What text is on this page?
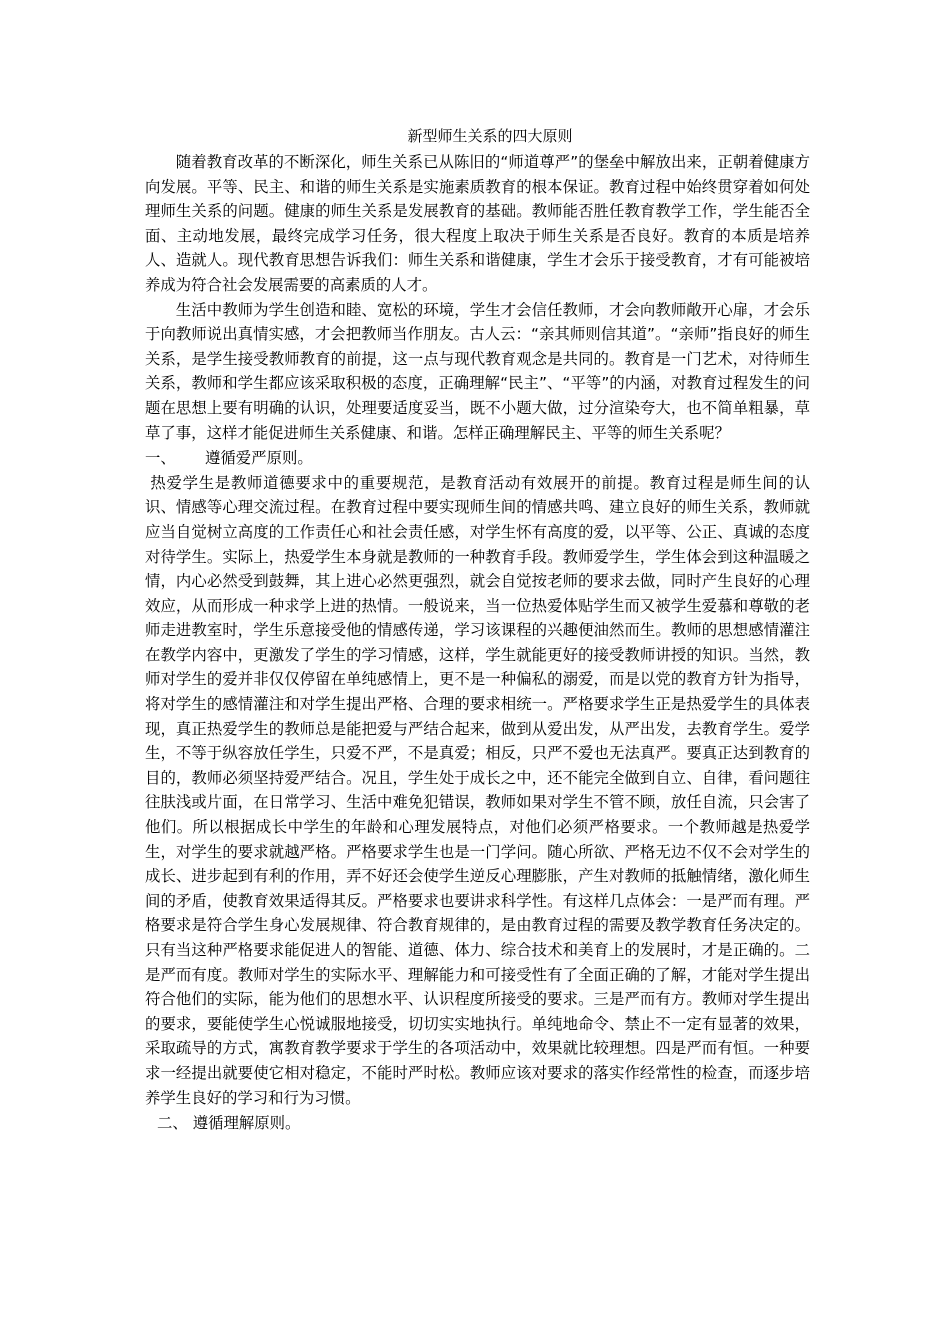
新型师生关系的四大原则

随着教育改革的不断深化，师生关系已从陈旧的“师道尊严”的堡垒中解放出来，正朝着健康方向发展。平等、民主、和谐的师生关系是实施素质教育的根本保证。教育过程中始终贯穿着如何处理师生关系的问题。健康的师生关系是发展教育的基础。教师能否胜任教育教学工作，学生能否全面、主动地发展，最终完成学习任务，很大程度上取决于师生关系是否良好。教育的本质是培养人、造就人。现代教育思想告诉我们：师生关系和谐健康，学生才会乐于接受教育，才有可能被培养成为符合社会发展需要的高素质的人才。

生活中教师为学生创造和睦、宽松的环境，学生才会信任教师，才会向教师敞开心扉，才会乐于向教师说出真情实感，才会把教师当作朋友。古人云：“亲其师则信其道”。“亲师”指良好的师生关系，是学生接受教师教育的前提，这一点与现代教育观念是共同的。教育是一门艺术，对待师生关系，教师和学生都应该采取积极的态度，正确理解“民主”、“平等”的内涵，对教育过程发生的问题在思想上要有明确的认识，处理要适度妥当，既不小题大做，过分渲染夸大，也不简单粗暴，草草了事，这样才能促进师生关系健康、和谐。怎样正确理解民主、平等的师生关系呢？

一、 遵循爱严原则。

热爱学生是教师道德要求中的重要规范，是教育活动有效展开的前提。教育过程是师生间的认识、情感等心理交流过程。在教育过程中要实现师生间的情感共鸣、建立良好的师生关系，教师就应当自觉树立高度的工作责任心和社会责任感，对学生怀有高度的爱，以平等、公正、真诚的态度对待学生。实际上，热爱学生本身就是教师的一种教育手段。教师爱学生，学生体会到这种温暖之情，内心必然受到鼓舞，其上进心必然更强烈，就会自觉按老师的要求去做，同时产生良好的心理效应，从而形成一种求学上进的热情。一般说来，当一位热爱体贴学生而又被学生爱慕和尊敬的老师走进教室时，学生乐意接受他的情感传递，学习该课程的兴趣便油然而生。教师的思想感情灌注在教学内容中，更激发了学生的学习情感，这样，学生就能更好的接受教师讲授的知识。当然，教师对学生的爱并非仅仅停留在单纯感情上，更不是一种偏私的溺爱，而是以党的教育方针为指导，将对学生的感情灌注和对学生提出严格、合理的要求相统一。严格要求学生正是热爱学生的具体表现，真正热爱学生的教师总是能把爱与严结合起来，做到从爱出发，从严出发，去教育学生。爱学生，不等于纵容放任学生，只爱不严，不是真爱；相反，只严不爱也无法真严。要真正达到教育的目的，教师必须坚持爱严结合。况且，学生处于成长之中，还不能完全做到自立、自律，看问题往往肤浅或片面，在日常学习、生活中难免犯错误，教师如果对学生不管不顾，放任自流，只会害了他们。所以根据成长中学生的年龄和心理发展特点，对他们必须严格要求。一个教师越是热爱学生，对学生的要求就越严格。严格要求学生也是一门学问。随心所欲、严格无边不仅不会对学生的成长、进步起到有利的作用，弄不好还会使学生逆反心理膨胀，产生对教师的抵触情绪，激化师生间的矛盾，使教育效果适得其反。严格要求也要讲求科学性。有这样几点体会：一是严而有理。严格要求是符合学生身心发展规律、符合教育规律的，是由教育过程的需要及教学教育任务决定的。只有当这种严格要求能促进人的智能、道德、体力、综合技术和美育上的发展时，才是正确的。二是严而有度。教师对学生的实际水平、理解能力和可接受性有了全面正确的了解，才能对学生提出符合他们的实际，能为他们的思想水平、认识程度所接受的要求。三是严而有方。教师对学生提出的要求，要能使学生心悦诚服地接受，切切实实地执行。单纯地命令、禁止不一定有显著的效果，采取疏导的方式，寓教育教学要求于学生的各项活动中，效果就比较理想。四是严而有恒。一种要求一经提出就要使它相对稳定，不能时严时松。教师应该对要求的落实作经常性的检查，而逐步培养学生良好的学习和行为习惯。

二、 遵循理解原则。
